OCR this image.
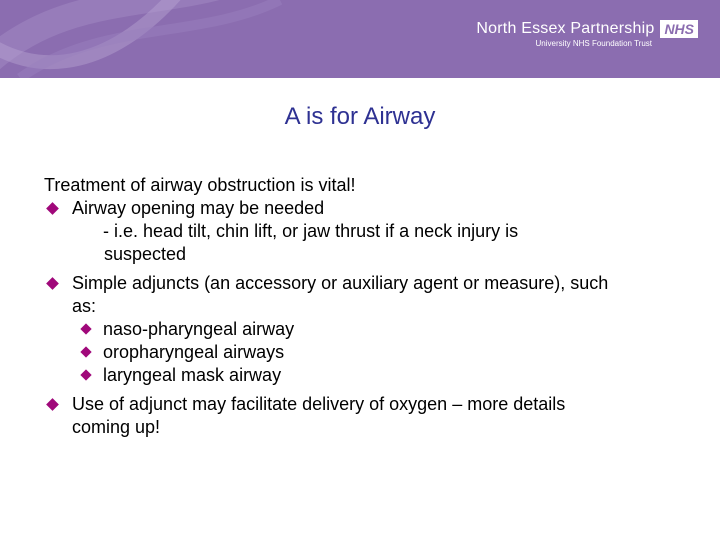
North Essex Partnership NHS
University NHS Foundation Trust
A is for Airway
Treatment of airway obstruction is vital!
Airway opening may be needed
- i.e. head tilt, chin lift, or jaw thrust if a neck injury is
suspected
Simple adjuncts (an accessory or auxiliary agent or measure), such
as:
naso-pharyngeal airway
oropharyngeal airways
laryngeal mask airway
Use of adjunct may facilitate delivery of oxygen – more details
coming up!
